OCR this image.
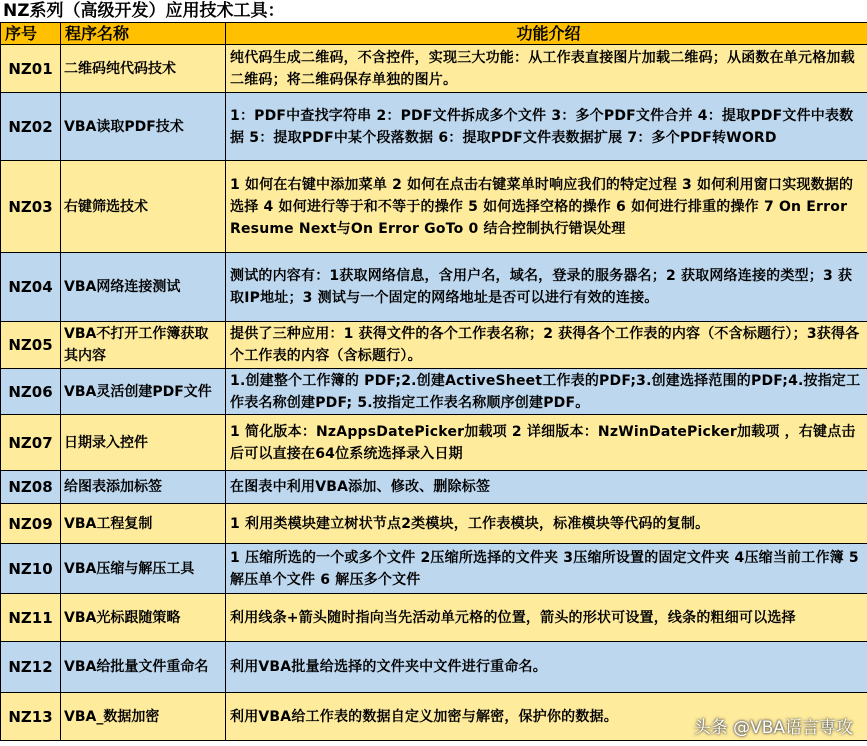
NZ系列（高级开发）应用技术工具：
序号	程序名称	功能介绍
NZ01	二维码纯代码技术	纯代码生成二维码，不含控件，实现三大功能：从工作表直接图片加载二维码；从函数在单元格加载二维码；将二维码保存单独的图片。
NZ02	VBA读取PDF技术	1：PDF中查找字符串 2：PDF文件拆成多个文件 3：多个PDF文件合并 4：提取PDF文件中表数据 5：提取PDF中某个段落数据 6：提取PDF文件表数据扩展 7：多个PDF转WORD
NZ03	右键筛选技术	1 如何在右键中添加菜单 2 如何在点击右键菜单时响应我们的特定过程 3 如何利用窗口实现数据的选择 4 如何进行等于和不等于的操作 5 如何选择空格的操作 6 如何进行排重的操作 7 On Error Resume Next与On Error GoTo 0 结合控制执行错误处理
NZ04	VBA网络连接测试	测试的内容有：1获取网络信息，含用户名，域名，登录的服务器名；2 获取网络连接的类型；3 获取IP地址；3 测试与一个固定的网络地址是否可以进行有效的连接。
NZ05	VBA不打开工作簿获取其内容	提供了三种应用：1 获得文件的各个工作表名称；2 获得各个工作表的内容（不含标题行）；3获得各个工作表的内容（含标题行）。
NZ06	VBA灵活创建PDF文件	1.创建整个工作簿的 PDF;2.创建ActiveSheet工作表的PDF;3.创建选择范围的PDF;4.按指定工作表名称创建PDF; 5.按指定工作表名称顺序创建PDF。
NZ07	日期录入控件	1 简化版本：NzAppsDatePicker加载项 2 详细版本：NzWinDatePicker加载项 ，右键点击后可以直接在64位系统选择录入日期
NZ08	给图表添加标签	在图表中利用VBA添加、修改、删除标签
NZ09	VBA工程复制	1 利用类模块建立树状节点2类模块，工作表模块，标准模块等代码的复制。
NZ10	VBA压缩与解压工具	1 压缩所选的一个或多个文件 2压缩所选择的文件夹 3压缩所设置的固定文件夹 4压缩当前工作簿 5解压单个文件 6 解压多个文件
NZ11	VBA光标跟随策略	利用线条+箭头随时指向当先活动单元格的位置，箭头的形状可设置，线条的粗细可以选择
NZ12	VBA给批量文件重命名	利用VBA批量给选择的文件夹中文件进行重命名。
NZ13	VBA_数据加密	利用VBA给工作表的数据自定义加密与解密，保护你的数据。
头条 @VBA语言専攻
